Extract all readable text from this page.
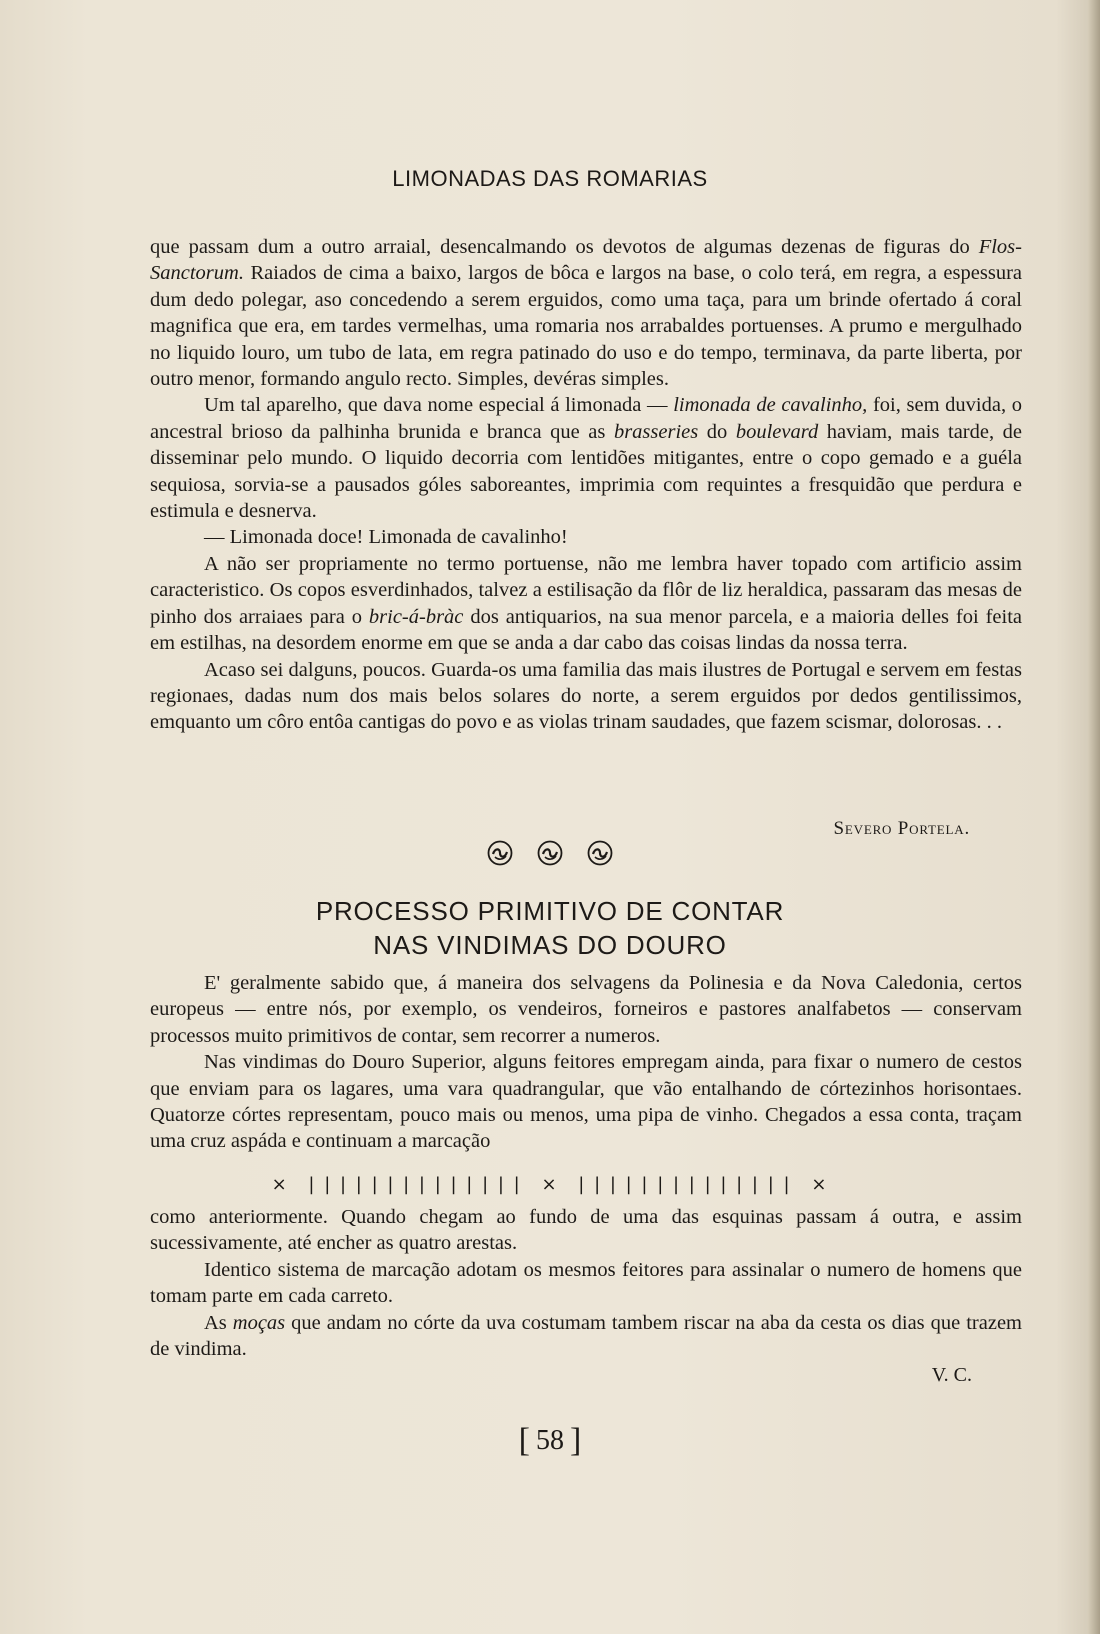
LIMONADAS DAS ROMARIAS

que passam dum a outro arraial, desencalmando os devotos de algumas dezenas de figuras do Flos-Sanctorum. Raiados de cima a baixo, largos de bôca e largos na base, o colo terá, em regra, a espessura dum dedo polegar, aso concedendo a serem erguidos, como uma taça, para um brinde ofertado á coral magnifica que era, em tardes vermelhas, uma romaria nos arrabaldes portuenses. A prumo e mergulhado no liquido louro, um tubo de lata, em regra patinado do uso e do tempo, terminava, da parte liberta, por outro menor, formando angulo recto. Simples, devéras simples.

Um tal aparelho, que dava nome especial á limonada — limonada de cavalinho, foi, sem duvida, o ancestral brioso da palhinha brunida e branca que as brasseries do boulevard haviam, mais tarde, de disseminar pelo mundo. O liquido decorria com lentidões mitigantes, entre o copo gemado e a guéla sequiosa, sorvia-se a pausados góles saboreantes, imprimia com requintes a fresquidão que perdura e estimula e desnerva.

— Limonada doce! Limonada de cavalinho!

A não ser propriamente no termo portuense, não me lembra haver topado com artificio assim caracteristico. Os copos esverdinhados, talvez a estilisação da flôr de liz heraldica, passaram das mesas de pinho dos arraiaes para o bric-á-bràc dos antiquarios, na sua menor parcela, e a maioria delles foi feita em estilhas, na desordem enorme em que se anda a dar cabo das coisas lindas da nossa terra.

Acaso sei dalguns, poucos. Guarda-os uma familia das mais ilustres de Portugal e servem em festas regionaes, dadas num dos mais belos solares do norte, a serem erguidos por dedos gentilissimos, emquanto um côro entôa cantigas do povo e as violas trinam saudades, que fazem scismar, dolorosas. . .

Severo Portela.

PROCESSO PRIMITIVO DE CONTAR
NAS VINDIMAS DO DOURO

E' geralmente sabido que, á maneira dos selvagens da Polinesia e da Nova Caledonia, certos europeus — entre nós, por exemplo, os vendeiros, forneiros e pastores analfabetos — conservam processos muito primitivos de contar, sem recorrer a numeros.

Nas vindimas do Douro Superior, alguns feitores empregam ainda, para fixar o numero de cestos que enviam para os lagares, uma vara quadrangular, que vão entalhando de córtezinhos horisontaes. Quatorze córtes representam, pouco mais ou menos, uma pipa de vinho. Chegados a essa conta, traçam uma cruz aspáda e continuam a marcação

× | | | | | | | | | | | | | | × | | | | | | | | | | | | | | ×

como anteriormente. Quando chegam ao fundo de uma das esquinas passam á outra, e assim sucessivamente, até encher as quatro arestas.

Identico sistema de marcação adotam os mesmos feitores para assinalar o numero de homens que tomam parte em cada carreto.

As moças que andam no córte da uva costumam tambem riscar na aba da cesta os dias que trazem de vindima.

V. C.
[ 58 ]
